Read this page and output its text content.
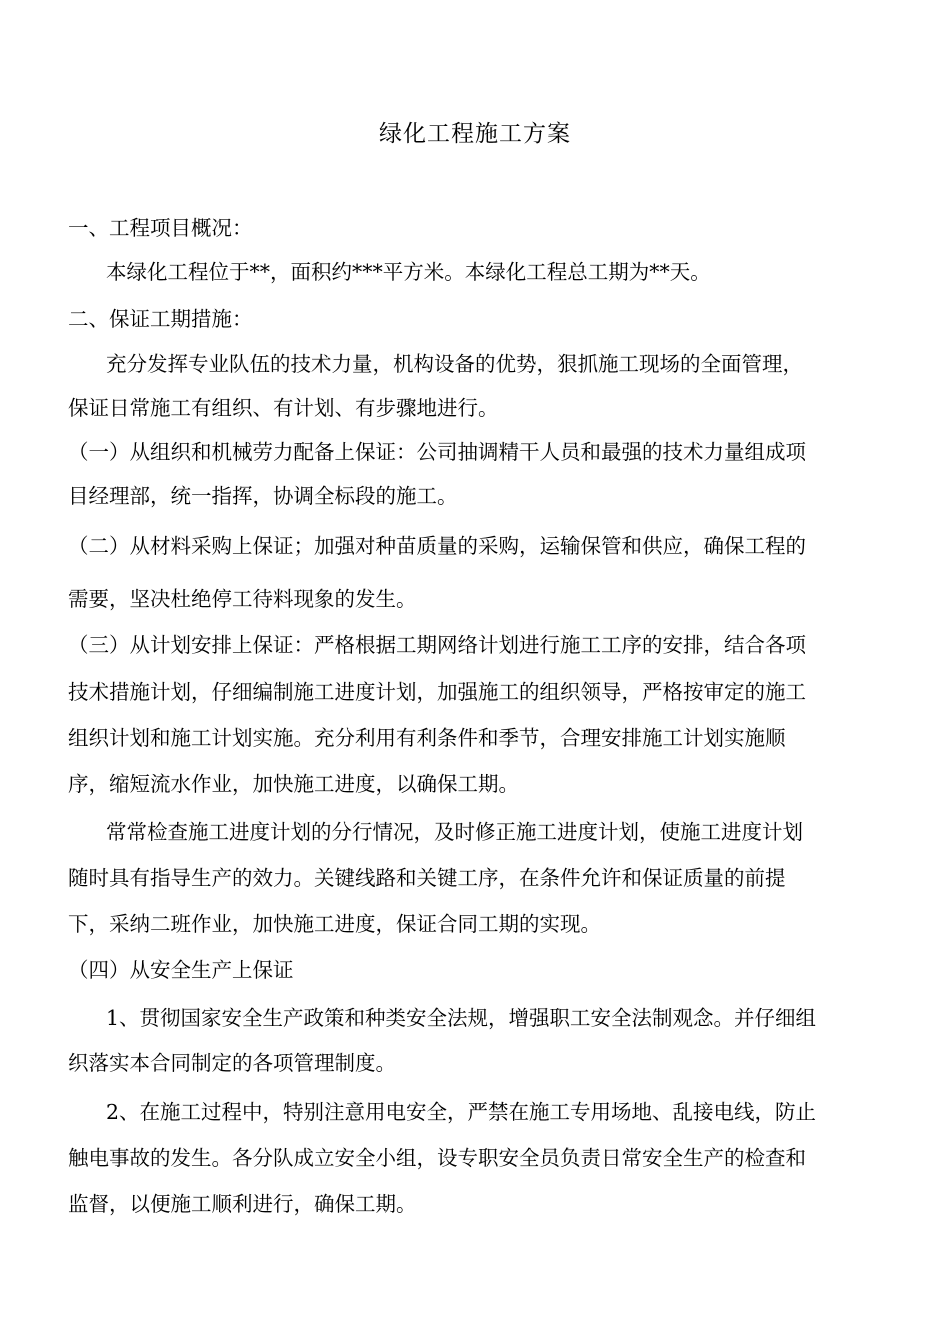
绿化工程施工方案
一、工程项目概况：
本绿化工程位于**，面积约***平方米。本绿化工程总工期为**天。
二、保证工期措施：
充分发挥专业队伍的技术力量，机构设备的优势，狠抓施工现场的全面管理，
保证日常施工有组织、有计划、有步骤地进行。
（一）从组织和机械劳力配备上保证：公司抽调精干人员和最强的技术力量组成项
目经理部，统一指挥，协调全标段的施工。
（二）从材料采购上保证；加强对种苗质量的采购，运输保管和供应，确保工程的
需要，坚决杜绝停工待料现象的发生。
（三）从计划安排上保证：严格根据工期网络计划进行施工工序的安排，结合各项
技术措施计划，仔细编制施工进度计划，加强施工的组织领导，严格按审定的施工
组织计划和施工计划实施。充分利用有利条件和季节，合理安排施工计划实施顺
序，缩短流水作业，加快施工进度，以确保工期。
常常检查施工进度计划的分行情况，及时修正施工进度计划，使施工进度计划
随时具有指导生产的效力。关键线路和关键工序，在条件允许和保证质量的前提
下，采纳二班作业，加快施工进度，保证合同工期的实现。
（四）从安全生产上保证
1、贯彻国家安全生产政策和种类安全法规，增强职工安全法制观念。并仔细组
织落实本合同制定的各项管理制度。
2、在施工过程中，特别注意用电安全，严禁在施工专用场地、乱接电线，防止
触电事故的发生。各分队成立安全小组，设专职安全员负责日常安全生产的检查和
监督，以便施工顺利进行，确保工期。
